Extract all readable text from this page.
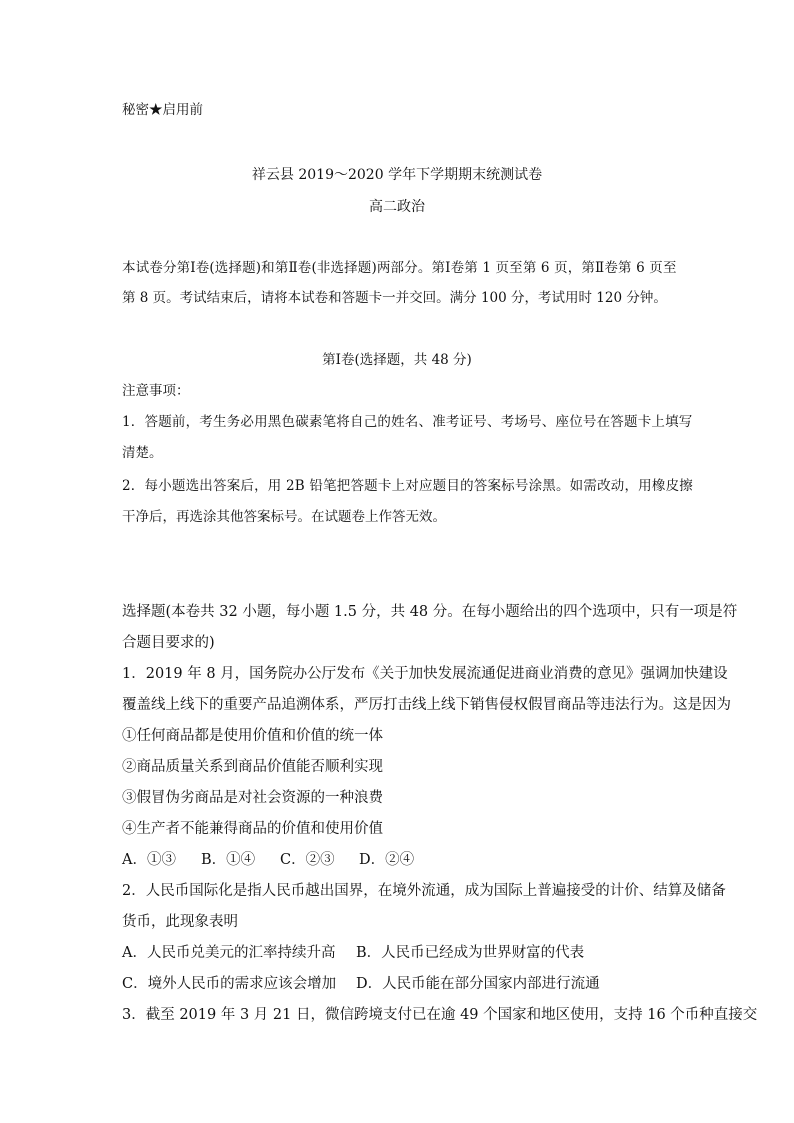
秘密★启用前
祥云县 2019～2020 学年下学期期末统测试卷
高二政治
本试卷分第Ⅰ卷(选择题)和第Ⅱ卷(非选择题)两部分。第Ⅰ卷第 1 页至第 6 页，第Ⅱ卷第 6 页至
第 8 页。考试结束后，请将本试卷和答题卡一并交回。满分 100 分，考试用时 120 分钟。
第Ⅰ卷(选择题，共 48 分)
注意事项：
1．答题前，考生务必用黑色碳素笔将自己的姓名、准考证号、考场号、座位号在答题卡上填写
清楚。
2．每小题选出答案后，用 2B 铅笔把答题卡上对应题目的答案标号涂黑。如需改动，用橡皮擦
干净后，再选涂其他答案标号。在试题卷上作答无效。
选择题(本卷共 32 小题，每小题 1.5 分，共 48 分。在每小题给出的四个选项中，只有一项是符
合题目要求的)
1．2019 年 8 月，国务院办公厅发布《关于加快发展流通促进商业消费的意见》强调加快建设
覆盖线上线下的重要产品追溯体系，严厉打击线上线下销售侵权假冒商品等违法行为。这是因为
①任何商品都是使用价值和价值的统一体
②商品质量关系到商品价值能否顺利实现
③假冒伪劣商品是对社会资源的一种浪费
④生产者不能兼得商品的价值和使用价值
A．①③ B．①④ C．②③ D．②④
2．人民币国际化是指人民币越出国界，在境外流通，成为国际上普遍接受的计价、结算及储备
货币，此现象表明
A．人民币兑美元的汇率持续升高 B．人民币已经成为世界财富的代表
C．境外人民币的需求应该会增加 D．人民币能在部分国家内部进行流通
3．截至 2019 年 3 月 21 日，微信跨境支付已在逾 49 个国家和地区使用，支持 16 个币种直接交
